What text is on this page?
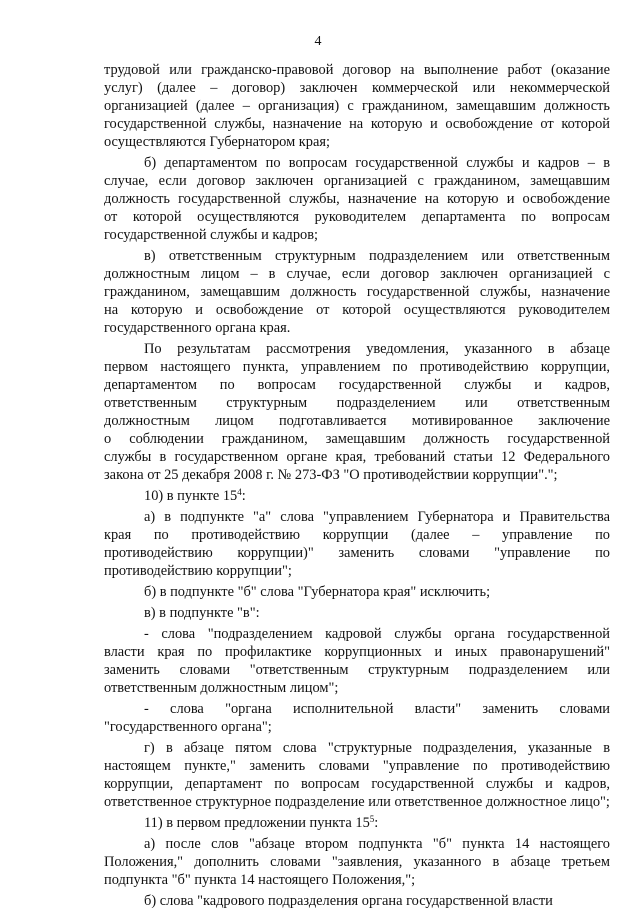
4
трудовой или гражданско-правовой договор на выполнение работ (оказание
услуг) (далее – договор) заключен коммерческой или некоммерческой
организацией (далее – организация) с гражданином, замещавшим должность
государственной службы, назначение на которую и освобождение от которой
осуществляются Губернатором края;
б) департаментом по вопросам государственной службы и кадров – в
случае, если договор заключен организацией с гражданином, замещавшим
должность государственной службы, назначение на которую и освобождение
от которой осуществляются руководителем департамента по вопросам
государственной службы и кадров;
в) ответственным структурным подразделением или ответственным
должностным лицом – в случае, если договор заключен организацией с
гражданином, замещавшим должность государственной службы, назначение
на которую и освобождение от которой осуществляются руководителем
государственного органа края.
По результатам рассмотрения уведомления, указанного в абзаце
первом настоящего пункта, управлением по противодействию коррупции,
департаментом по вопросам государственной службы и кадров,
ответственным структурным подразделением или ответственным
должностным лицом подготавливается мотивированное заключение
о соблюдении гражданином, замещавшим должность государственной
службы в государственном органе края, требований статьи 12 Федерального
закона от 25 декабря 2008 г. № 273-ФЗ "О противодействии коррупции".";
10) в пункте $15^4$:
а) в подпункте "а" слова "управлением Губернатора и Правительства
края по противодействию коррупции (далее – управление по
противодействию коррупции)" заменить словами "управление по
противодействию коррупции";
б) в подпункте "б" слова "Губернатора края" исключить;
в) в подпункте "в":
- слова "подразделением кадровой службы органа государственной
власти края по профилактике коррупционных и иных правонарушений"
заменить словами "ответственным структурным подразделением или
ответственным должностным лицом";
- слова "органа исполнительной власти" заменить словами
"государственного органа";
г) в абзаце пятом слова "структурные подразделения, указанные в
настоящем пункте," заменить словами "управление по противодействию
коррупции, департамент по вопросам государственной службы и кадров,
ответственное структурное подразделение или ответственное должностное лицо";
11) в первом предложении пункта $15^5$:
а) после слов "абзаце втором подпункта "б" пункта 14 настоящего
Положения," дополнить словами "заявления, указанного в абзаце третьем
подпункта "б" пункта 14 настоящего Положения,";
б) слова "кадрового подразделения органа государственной власти
